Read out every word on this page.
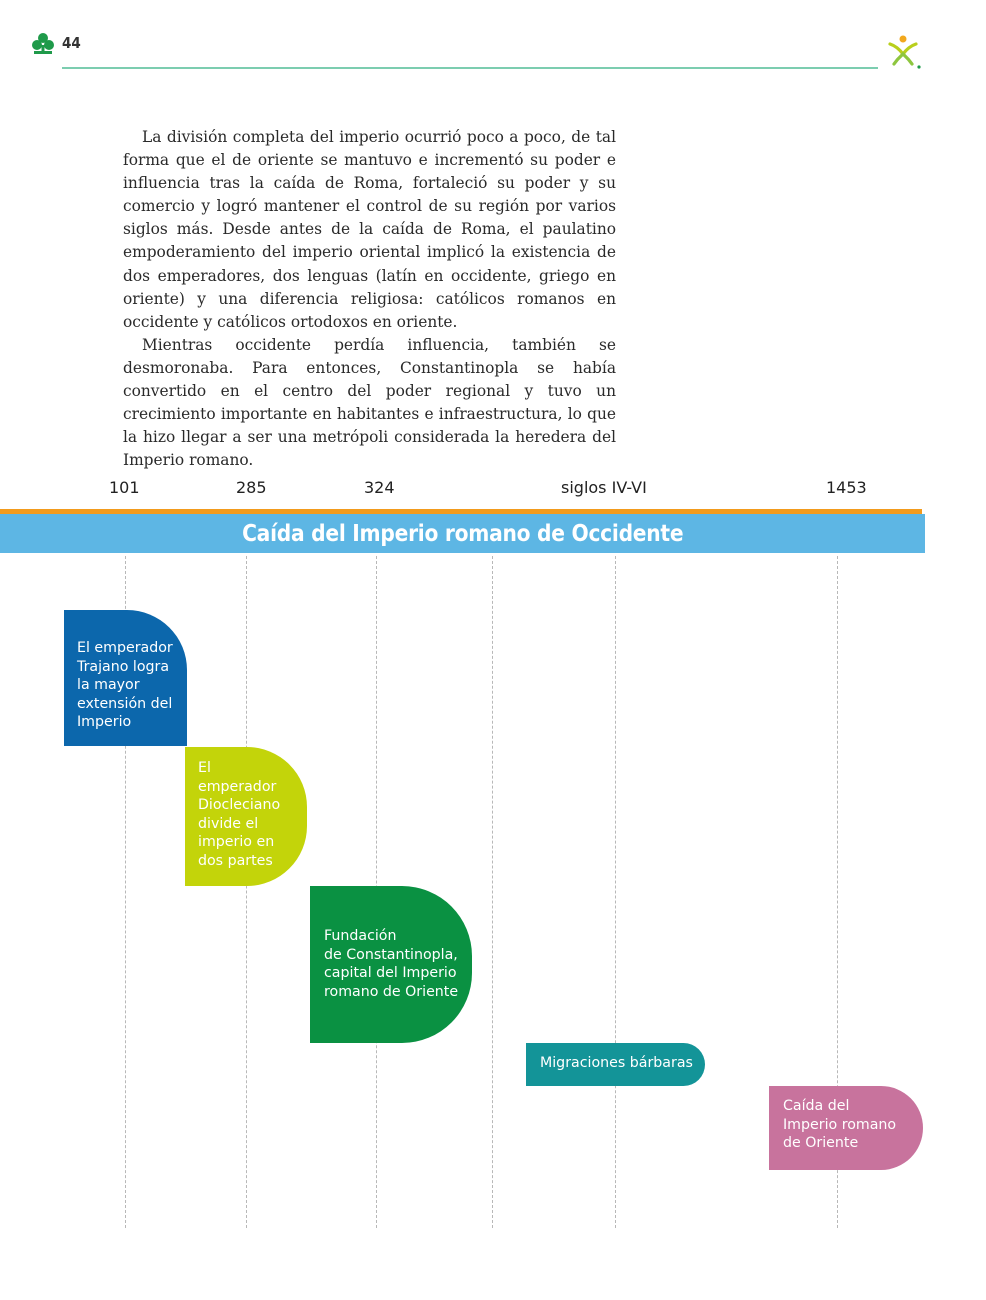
44

La división completa del imperio ocurrió poco a poco, de tal forma que el de oriente se mantuvo e incrementó su poder e influencia tras la caída de Roma, fortaleció su poder y su comercio y logró mantener el control de su región por varios siglos más. Desde antes de la caída de Roma, el paulatino empoderamiento del imperio oriental implicó la existencia de dos emperadores, dos lenguas (latín en occidente, griego en oriente) y una diferencia religiosa: católicos romanos en occidente y católicos ortodoxos en oriente.

Mientras occidente perdía influencia, también se desmoronaba. Para entonces, Constantinopla se había convertido en el centro del poder regional y tuvo un crecimiento importante en habitantes e infraestructura, lo que la hizo llegar a ser una metrópoli considerada la heredera del Imperio romano.

101	285	324	siglos IV-VI	1453
Caída del Imperio romano de Occidente
El emperador
Trajano logra
la mayor
extensión del
Imperio
El
emperador
Diocleciano
divide el
imperio en
dos partes
Fundación
de Constantinopla,
capital del Imperio
romano de Oriente
Migraciones bárbaras
Caída del
Imperio romano
de Oriente
